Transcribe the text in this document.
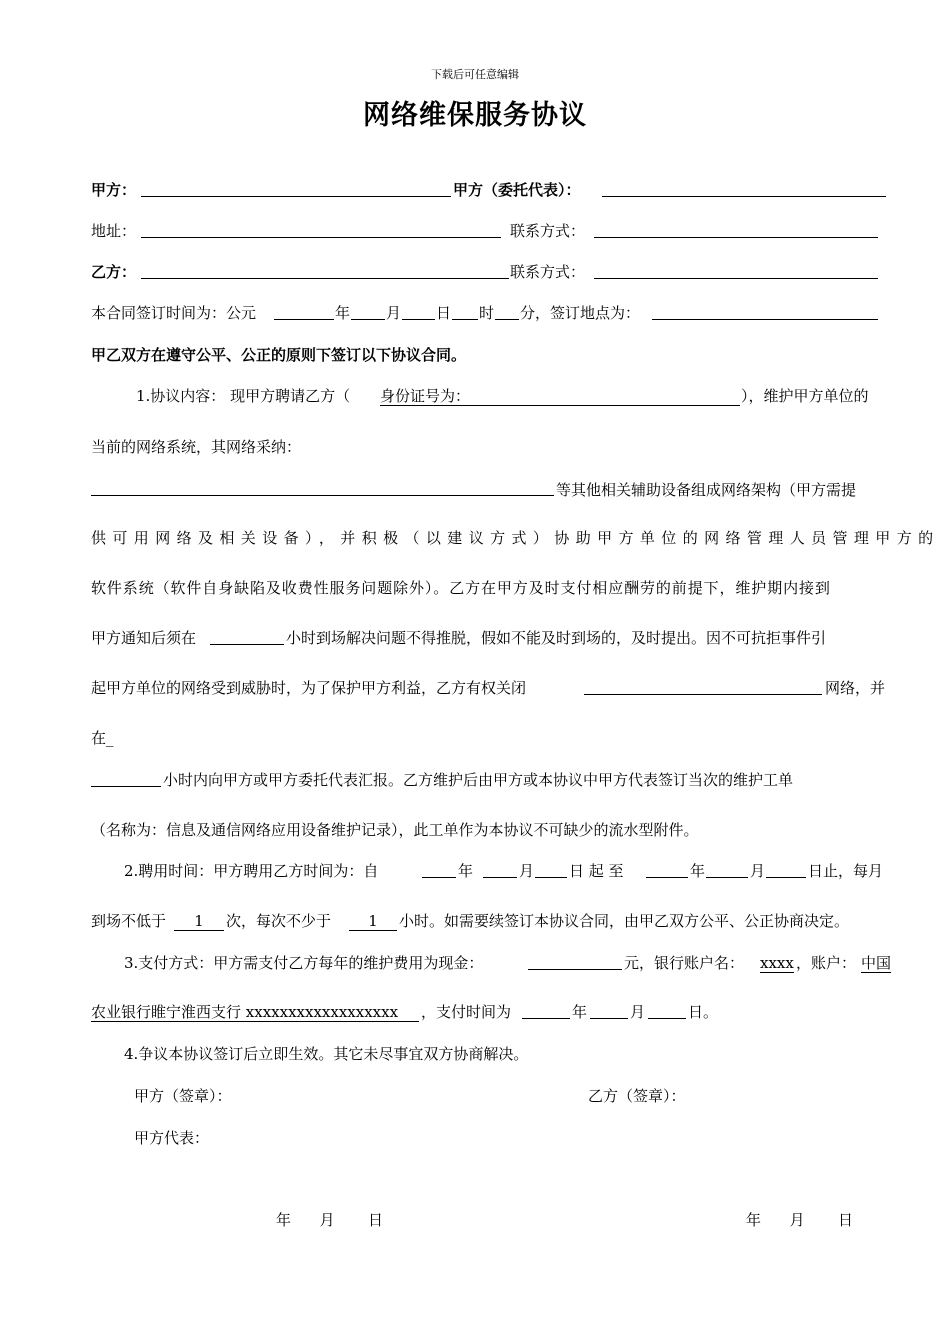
下载后可任意编辑
网络维保服务协议
甲方：	甲方（委托代表）：
地址：	联系方式：
乙方：	联系方式：
本合同签订时间为：公元	年 月 日 时 分，签订地点为：
甲乙双方在遵守公平、公正的原则下签订以下协议合同。
1.协议内容： 现甲方聘请乙方（ 身份证号为：	），维护甲方单位的
当前的网络系统，其网络采纳：
等其他相关辅助设备组成网络架构（甲方需提
供可用网络及相关设备），并积极（以建议方式）协助甲方单位的网络管理人员管理甲方的
软件系统（软件自身缺陷及收费性服务问题除外）。乙方在甲方及时支付相应酬劳的前提下，维护期内接到
甲方通知后须在	小时到场解决问题不得推脱，假如不能及时到场的，及时提出。因不可抗拒事件引
起甲方单位的网络受到威胁时，为了保护甲方利益，乙方有权关闭	网络，并
在_
小时内向甲方或甲方委托代表汇报。乙方维护后由甲方或本协议中甲方代表签订当次的维护工单
（名称为：信息及通信网络应用设备维护记录），此工单作为本协议不可缺少的流水型附件。
2.聘用时间：甲方聘用乙方时间为：自	年	月 日 起 至	年	月	日止，每月
到场不低于	1	次，每次不少于	1	小时。如需要续签订本协议合同，由甲乙双方公平、公正协商决定。
3.支付方式：甲方需支付乙方每年的维护费用为现金：	元，银行账户名： xxxx ，账户： 中国
农业银行睢宁淮西支行 xxxxxxxxxxxxxxxxxx	，支付时间为	年	月	日。
4.争议本协议签订后立即生效。其它未尽事宜双方协商解决。
甲方（签章）：	乙方（签章）：
甲方代表：
年      月       日	年      月       日
